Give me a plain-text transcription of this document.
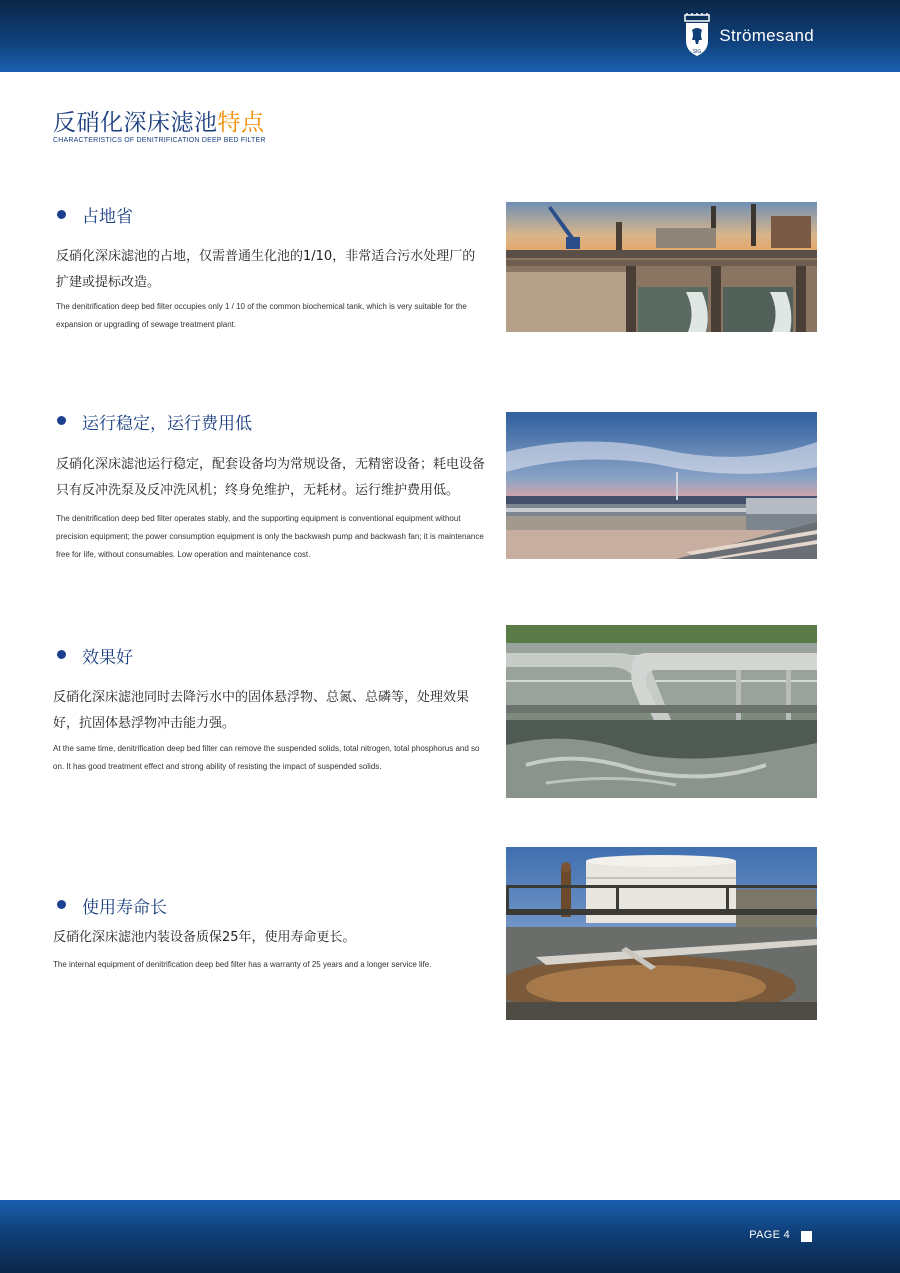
SIG
Strömesand
反硝化深床滤池特点
CHARACTERISTICS OF DENITRIFICATION DEEP BED FILTER
占地省
反硝化深床滤池的占地，仅需普通生化池的1/10，非常适合污水处理厂的扩建或提标改造。
The denitrification deep bed filter occupies only 1 / 10 of the common biochemical tank, which is very suitable for the expansion or upgrading of sewage treatment plant.
运行稳定，运行费用低
反硝化深床滤池运行稳定，配套设备均为常规设备，无精密设备；耗电设备只有反冲洗泵及反冲洗风机；终身免维护，无耗材。运行维护费用低。
The denitrification deep bed filter operates stably, and the supporting equipment is conventional equipment without precision equipment; the power consumption equipment is only the backwash pump and backwash fan; it is maintenance free for life, without consumables. Low operation and maintenance cost.
效果好
反硝化深床滤池同时去降污水中的固体悬浮物、总氮、总磷等，处理效果好，抗固体悬浮物冲击能力强。
At the same time, denitrification deep bed filter can remove the suspended solids, total nitrogen, total phosphorus and so on. It has good treatment effect and strong ability of resisting the impact of suspended solids.
使用寿命长
反硝化深床滤池内装设备质保25年，使用寿命更长。
The internal equipment of denitrification deep bed filter has a warranty of 25 years and a longer service life.
PAGE 4
